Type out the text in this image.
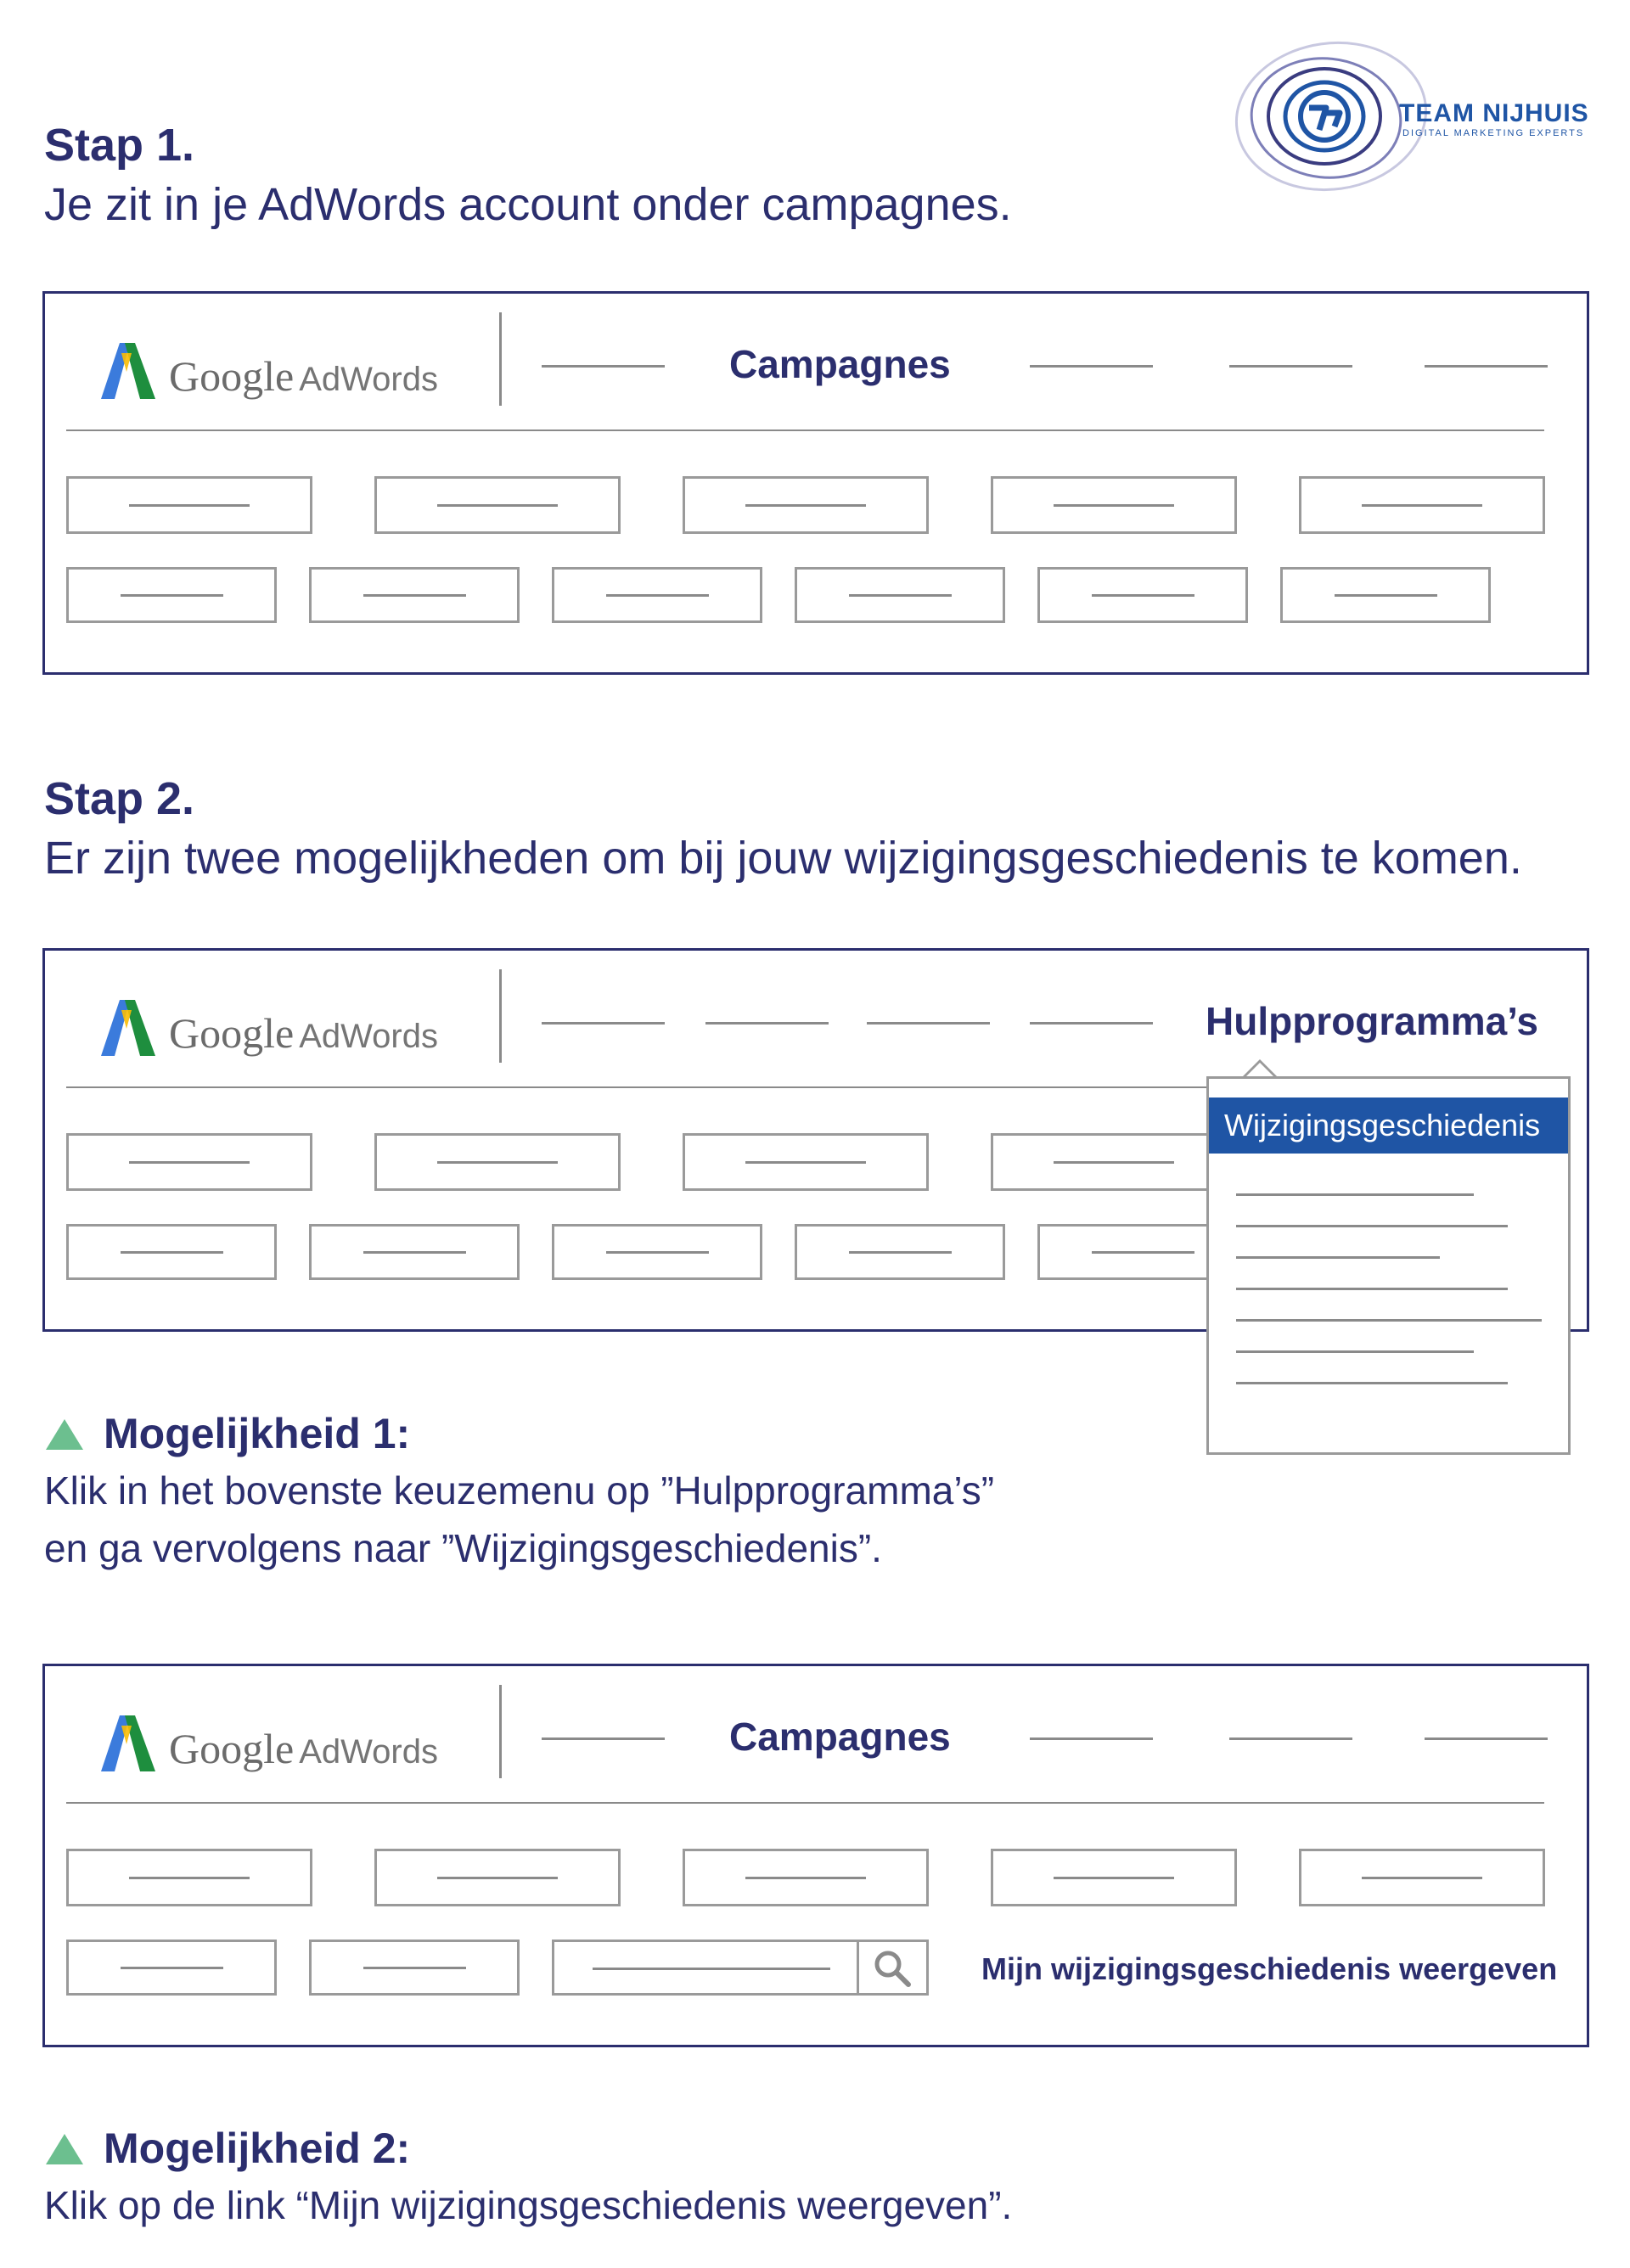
TEAM NIJHUIS
DIGITAL MARKETING EXPERTS
Stap 1.
Je zit in je AdWords account onder campagnes.
Google AdWords	Campagnes
Stap 2.
Er zijn twee mogelijkheden om bij jouw wijzigingsgeschiedenis te komen.
Google AdWords	Hulpprogramma’s
Wijzigingsgeschiedenis
Mogelijkheid 1:
Klik in het bovenste keuzemenu op ”Hulpprogramma’s”
en ga vervolgens naar ”Wijzigingsgeschiedenis”.
Google AdWords	Campagnes
Mijn wijzigingsgeschiedenis weergeven
Mogelijkheid 2:
Klik op de link “Mijn wijzigingsgeschiedenis weergeven”.
